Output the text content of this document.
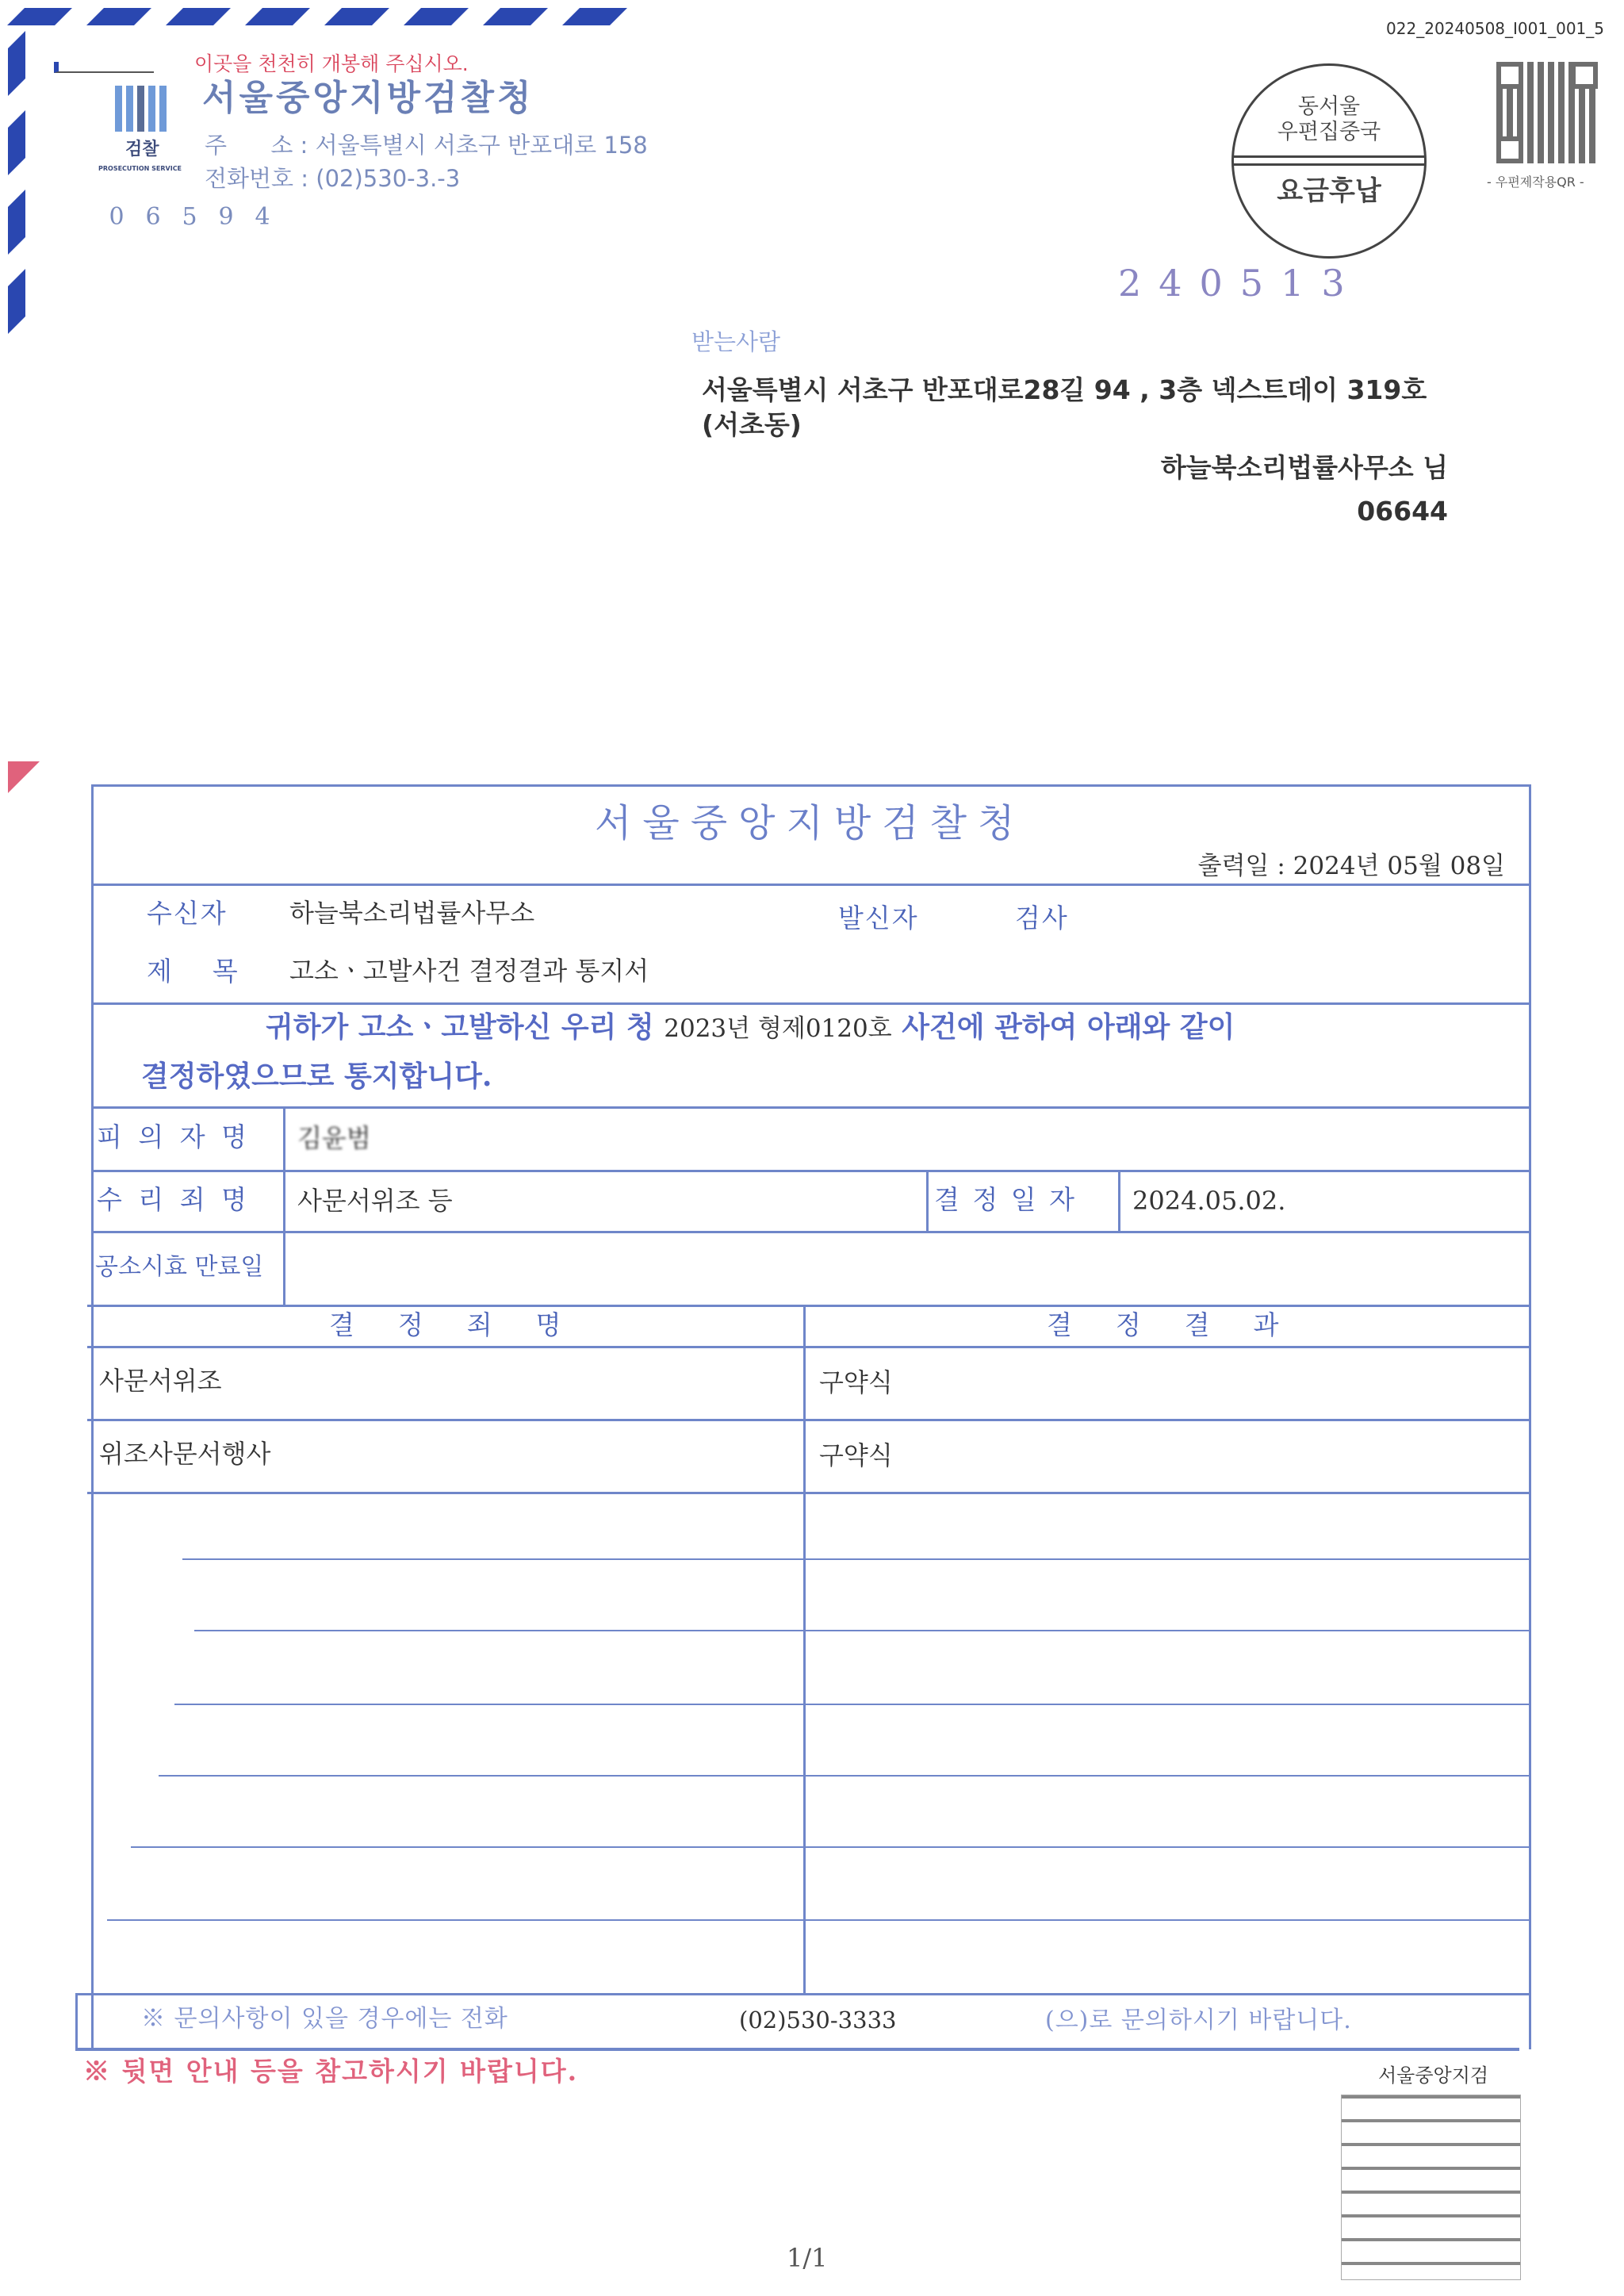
이곳을 천천히 개봉해 주십시오.
검찰
PROSECUTION SERVICE
서울중앙지방검찰청
주      소 : 서울특별시 서초구 반포대로 158
전화번호 : (02)530-3.-3
0 6 5 9 4
022_20240508_I001_001_5
동서울
우편집중국
요금후납	- 우편제작용QR -
240513
받는사람
서울특별시 서초구 반포대로28길 94 , 3층 넥스트데이 319호
(서초동)
하늘북소리법률사무소 님
06644
서울중앙지방검찰청
출력일 : 2024년 05월 08일
수신자 하늘북소리법률사무소	발신자	검사
제  목 고소ㆍ고발사건 결정결과 통지서
귀하가 고소ㆍ고발하신 우리 청 2023년 형제0120호 사건에 관하여 아래와 같이
결정하였으므로 통지합니다.
피 의 자 명 김윤범
수 리 죄 명 사문서위조 등	결 정 일 자 2024.05.02.
공소시효 만료일
결  정  죄  명	결  정  결  과
사문서위조	구약식
위조사문서행사	구약식
※ 문의사항이 있을 경우에는 전화	(02)530-3333	(으)로 문의하시기 바랍니다.
※ 뒷면 안내 등을 참고하시기 바랍니다.	서울중앙지검
1/1
